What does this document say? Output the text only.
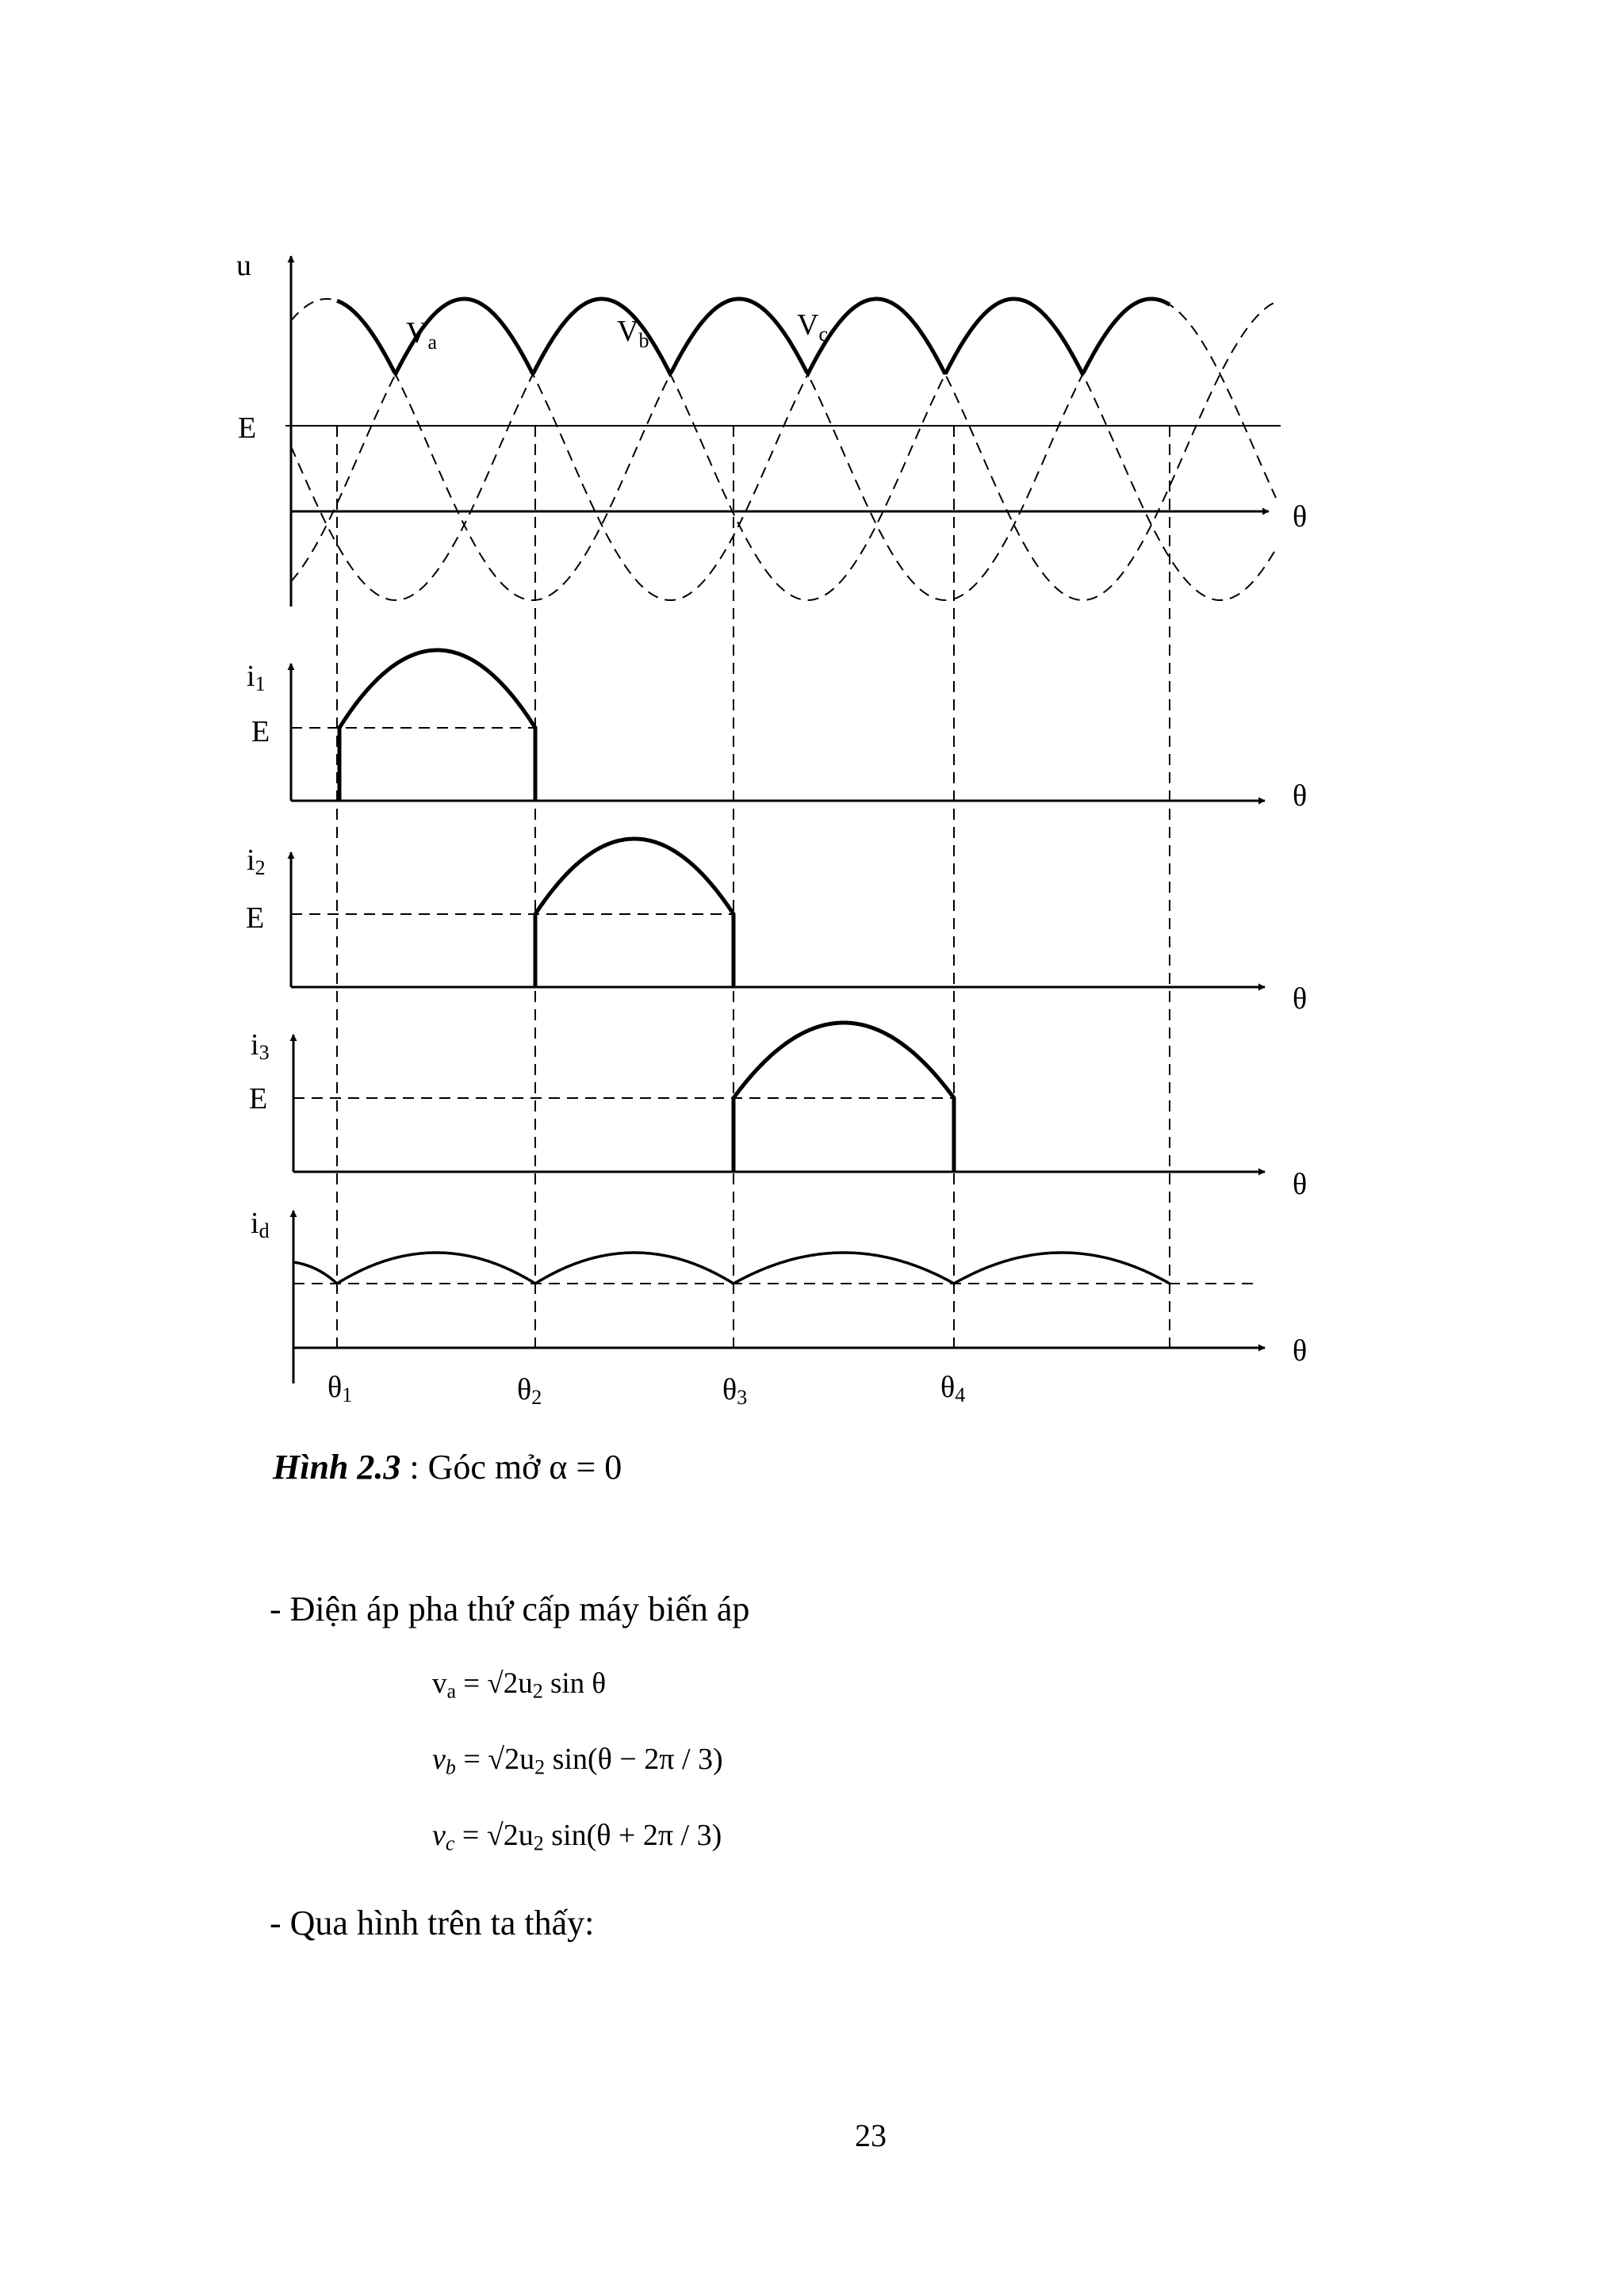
u
E
E
E
E
θ
θ
θ
θ
θ
$V_a$	$V_b$	$V_c$
i1
i2
i3
id
θ1	θ2	θ3	θ4
Hình 2.3 : Góc mở α = 0
- Điện áp pha thứ cấp máy biến áp
$v_a = √2u_2$ sin θ
$v_b = √2u_2$ sin(θ − 2π / 3)
$v_c = √2u_2$ sin(θ + 2π / 3)
- Qua hình trên ta thấy:
23
